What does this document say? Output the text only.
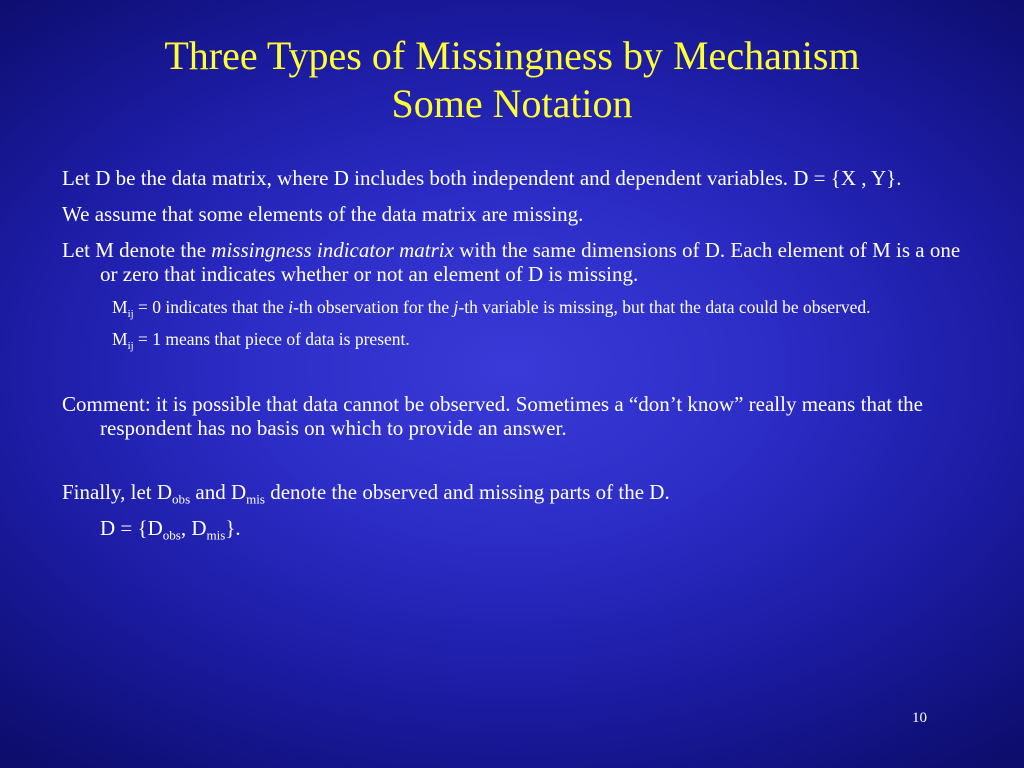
Three Types of Missingness by Mechanism
Some Notation
Let D be the data matrix, where D includes both independent and dependent variables. D = {X , Y}.
We assume that some elements of the data matrix are missing.
Let M denote the missingness indicator matrix with the same dimensions of D. Each element of M is a one or zero that indicates whether or not an element of D is missing.
$M_{ij} = 0$ indicates that the i-th observation for the j-th variable is missing, but that the data could be observed.
$M_{ij} = 1$ means that piece of data is present.
Comment: it is possible that data cannot be observed. Sometimes a “don’t know” really means that the respondent has no basis on which to provide an answer.
Finally, let $D_{obs}$ and $D_{mis}$ denote the observed and missing parts of the D.
$D = \{D_{obs}$, $D_{mis}$}.
10
